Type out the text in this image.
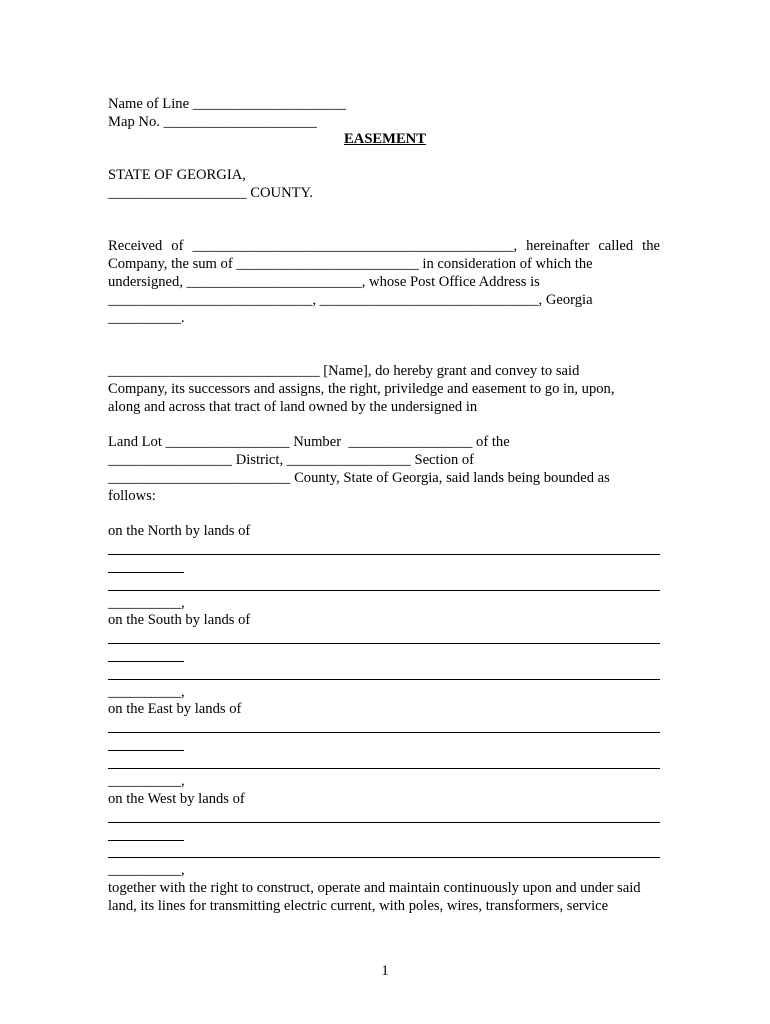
Name of Line _____________________
Map No. _____________________
EASEMENT
STATE OF GEORGIA,
___________________ COUNTY.
Received of ____________________________________________, hereinafter called the
Company, the sum of _________________________ in consideration of which the
undersigned, ________________________, whose Post Office Address is
____________________________, ______________________________, Georgia
__________.
_____________________________ [Name], do hereby grant and convey to said
Company, its successors and assigns, the right, priviledge and easement to go in, upon,
along and across that tract of land owned by the undersigned in
Land Lot _________________ Number  _________________ of the
_________________ District, _________________ Section of
_________________________ County, State of Georgia, said lands being bounded as
follows:
on the North by lands of
__________,
on the South by lands of
__________,
on the East by lands of
__________,
on the West by lands of
__________,
together with the right to construct, operate and maintain continuously upon and under said
land, its lines for transmitting electric current, with poles, wires, transformers, service
1
